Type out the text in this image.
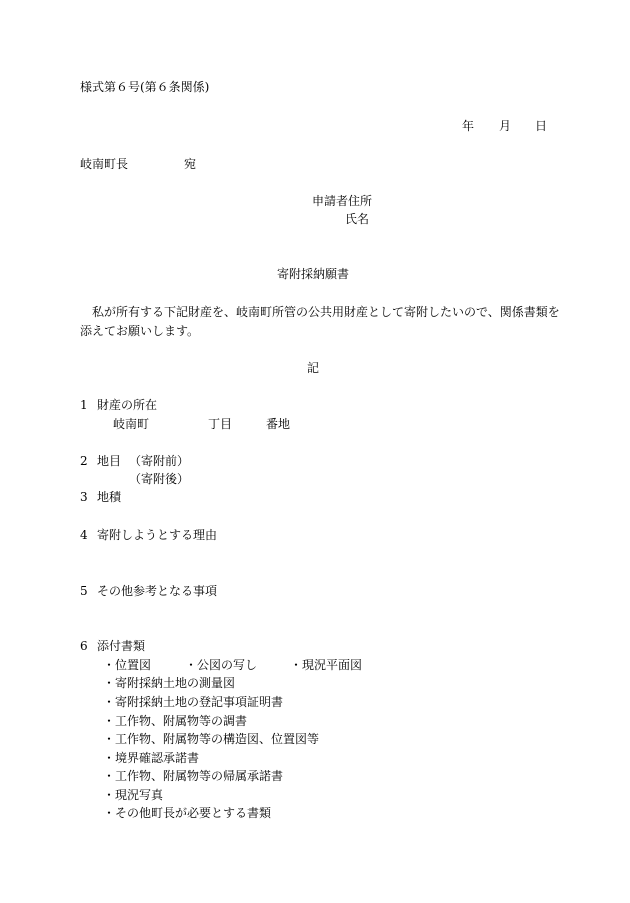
様式第６号(第６条関係)
年 月 日
岐南町長	宛
申請者住所
氏名
寄附採納願書
私が所有する下記財産を、岐南町所管の公共用財産として寄附したいので、関係書類を
添えてお願いします。
記
1 財産の所在
岐南町	丁目	番地
2 地目 （寄附前）
（寄附後）
3 地積
4 寄附しようとする理由
5 その他参考となる事項
6 添付書類
・位置図	・公図の写し	・現況平面図
・寄附採納土地の測量図
・寄附採納土地の登記事項証明書
・工作物、附属物等の調書
・工作物、附属物等の構造図、位置図等
・境界確認承諾書
・工作物、附属物等の帰属承諾書
・現況写真
・その他町長が必要とする書類
